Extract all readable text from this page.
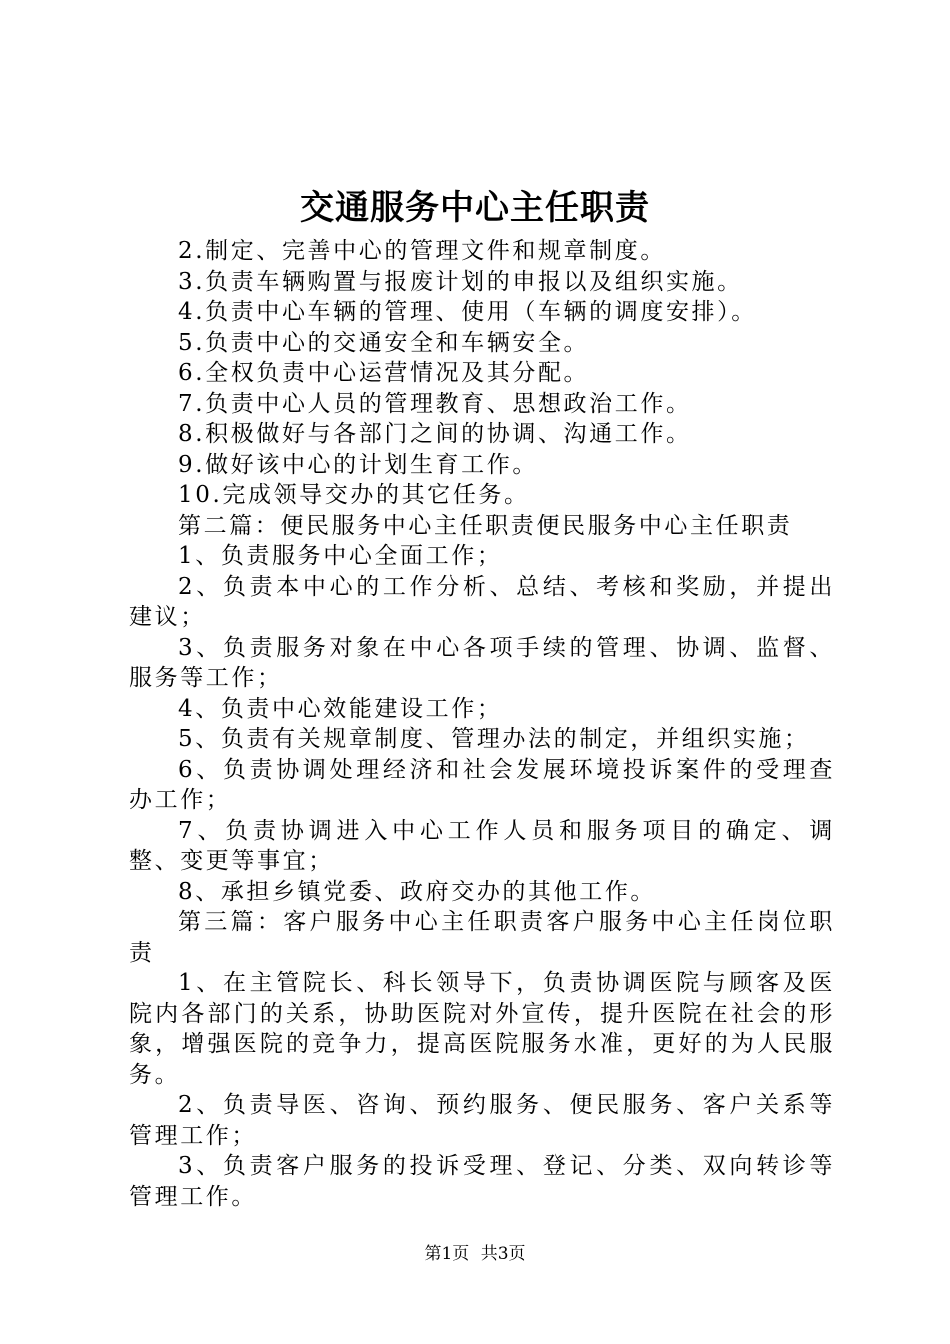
交通服务中心主任职责

2.制定、完善中心的管理文件和规章制度。

3.负责车辆购置与报废计划的申报以及组织实施。

4.负责中心车辆的管理、使用（车辆的调度安排）。

5.负责中心的交通安全和车辆安全。

6.全权负责中心运营情况及其分配。

7.负责中心人员的管理教育、思想政治工作。

8.积极做好与各部门之间的协调、沟通工作。

9.做好该中心的计划生育工作。

10.完成领导交办的其它任务。

第二篇：便民服务中心主任职责便民服务中心主任职责

1、负责服务中心全面工作；

2、负责本中心的工作分析、总结、考核和奖励，并提出建议；

3、负责服务对象在中心各项手续的管理、协调、监督、服务等工作；

4、负责中心效能建设工作；

5、负责有关规章制度、管理办法的制定，并组织实施；

6、负责协调处理经济和社会发展环境投诉案件的受理查办工作；

7、负责协调进入中心工作人员和服务项目的确定、调整、变更等事宜；

8、承担乡镇党委、政府交办的其他工作。

第三篇：客户服务中心主任职责客户服务中心主任岗位职责

1、在主管院长、科长领导下，负责协调医院与顾客及医院内各部门的关系，协助医院对外宣传，提升医院在社会的形象，增强医院的竞争力，提高医院服务水准，更好的为人民服务。

2、负责导医、咨询、预约服务、便民服务、客户关系等管理工作；

3、负责客户服务的投诉受理、登记、分类、双向转诊等管理工作。

第1页 共3页
